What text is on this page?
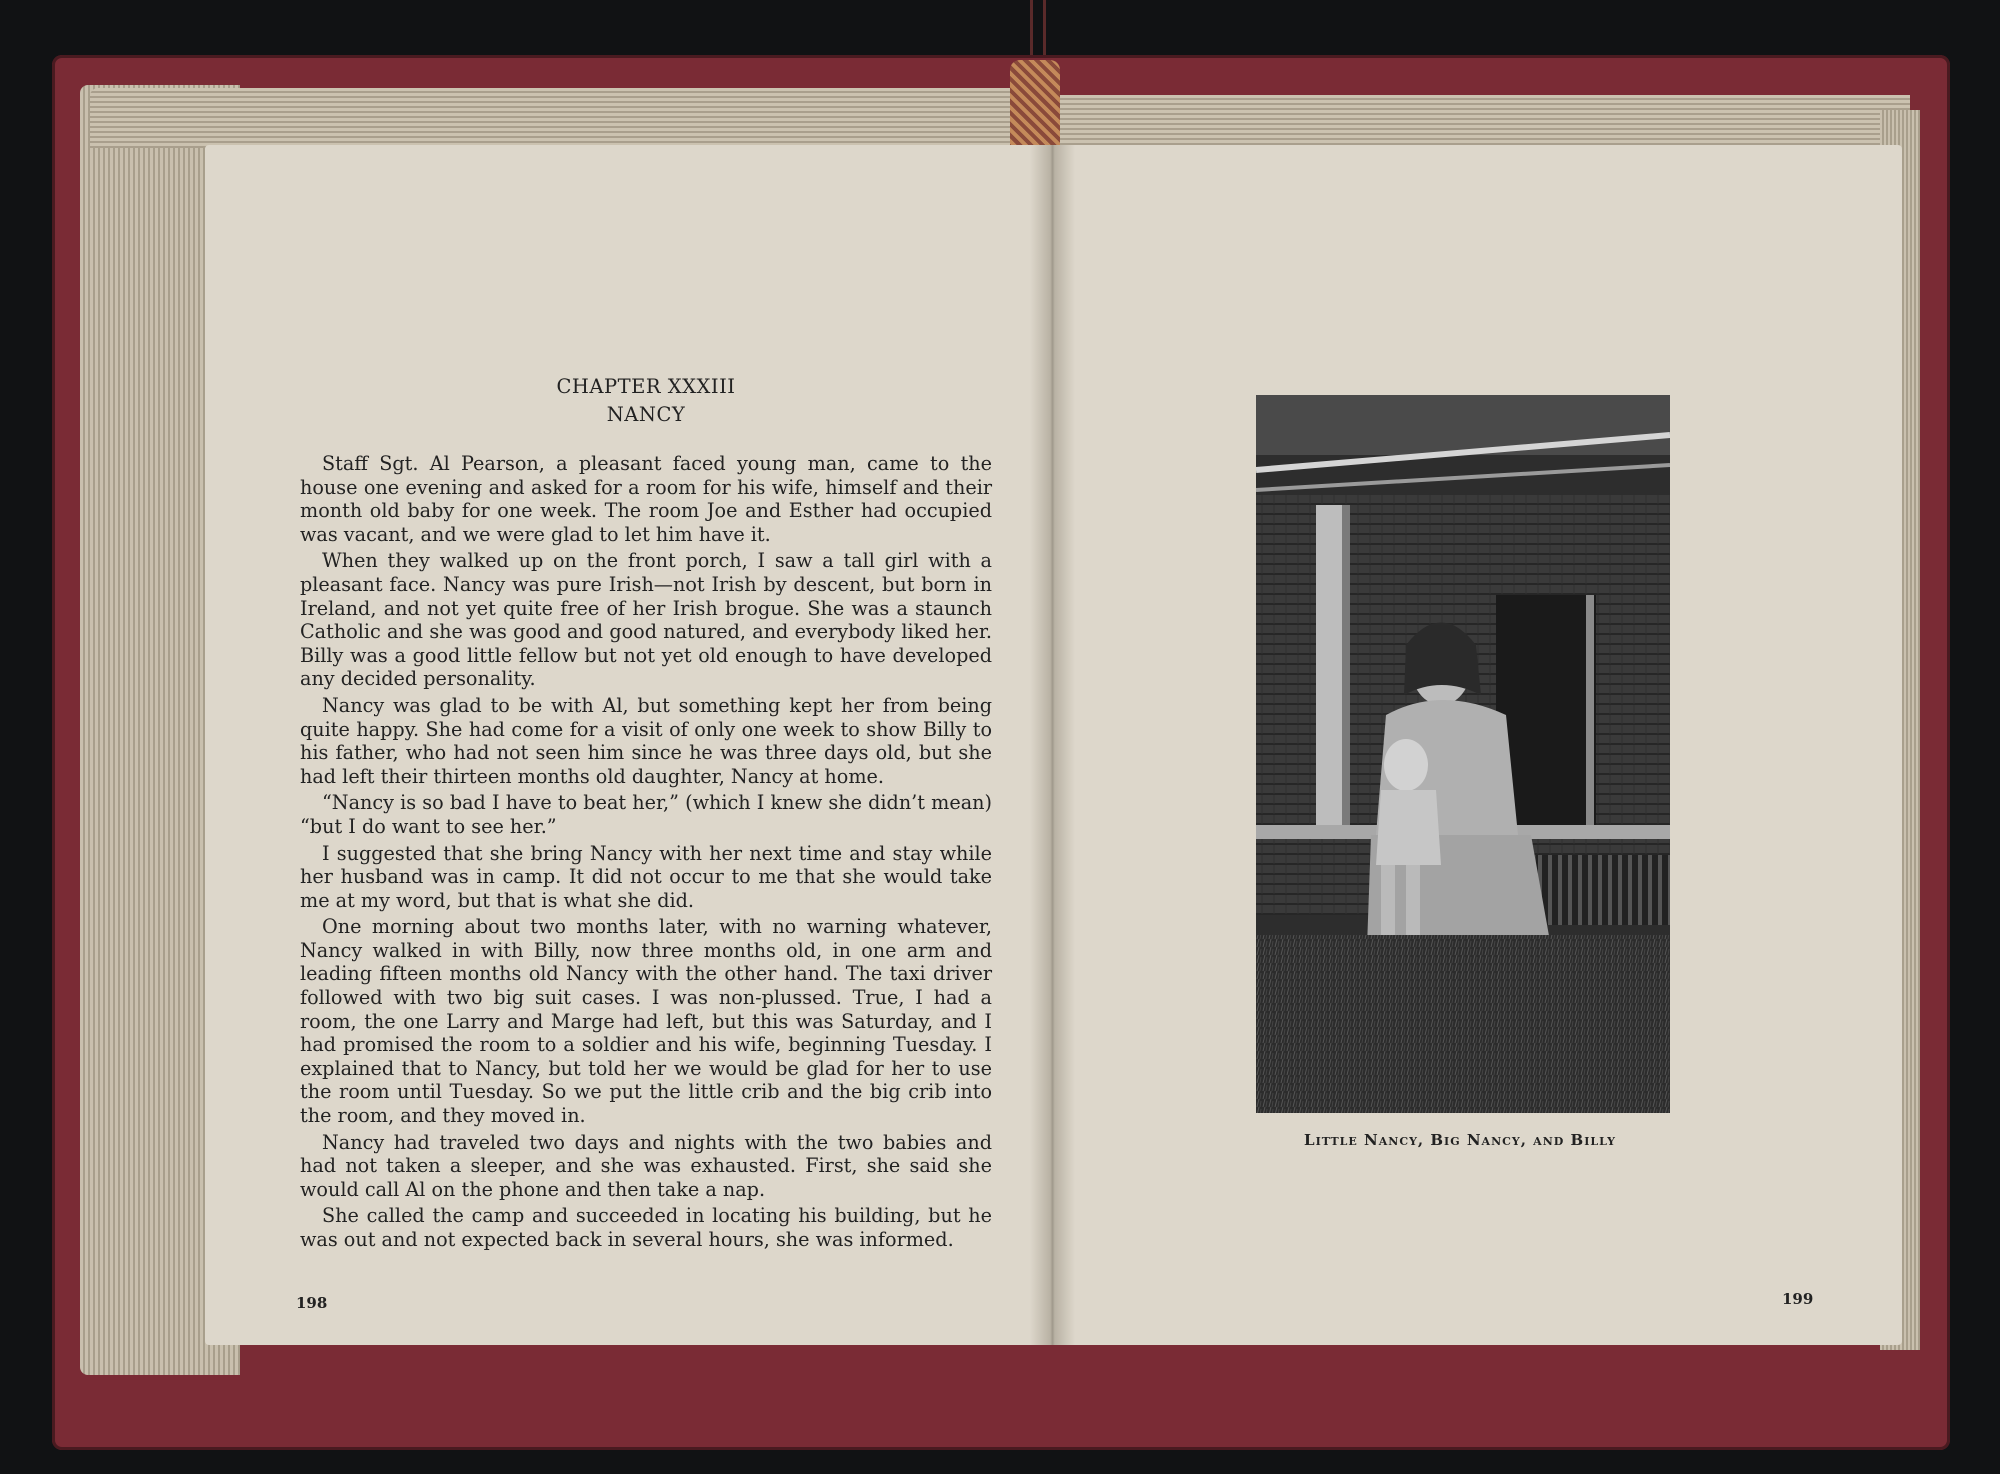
CHAPTER XXXIII
NANCY

Staff Sgt. Al Pearson, a pleasant faced young man, came to the house one evening and asked for a room for his wife, himself and their month old baby for one week. The room Joe and Esther had occupied was vacant, and we were glad to let him have it.

When they walked up on the front porch, I saw a tall girl with a pleasant face. Nancy was pure Irish—not Irish by descent, but born in Ireland, and not yet quite free of her Irish brogue. She was a staunch Catholic and she was good and good natured, and everybody liked her. Billy was a good little fellow but not yet old enough to have developed any decided personality.

Nancy was glad to be with Al, but something kept her from being quite happy. She had come for a visit of only one week to show Billy to his father, who had not seen him since he was three days old, but she had left their thirteen months old daughter, Nancy at home.

“Nancy is so bad I have to beat her,” (which I knew she didn’t mean) “but I do want to see her.”

I suggested that she bring Nancy with her next time and stay while her husband was in camp. It did not occur to me that she would take me at my word, but that is what she did.

One morning about two months later, with no warning whatever, Nancy walked in with Billy, now three months old, in one arm and leading fifteen months old Nancy with the other hand. The taxi driver followed with two big suit cases. I was non-plussed. True, I had a room, the one Larry and Marge had left, but this was Saturday, and I had promised the room to a soldier and his wife, beginning Tuesday. I explained that to Nancy, but told her we would be glad for her to use the room until Tuesday. So we put the little crib and the big crib into the room, and they moved in.

Nancy had traveled two days and nights with the two babies and had not taken a sleeper, and she was exhausted. First, she said she would call Al on the phone and then take a nap.

She called the camp and succeeded in locating his building, but he was out and not expected back in several hours, she was informed.

198
Little Nancy, Big Nancy, and Billy
199
